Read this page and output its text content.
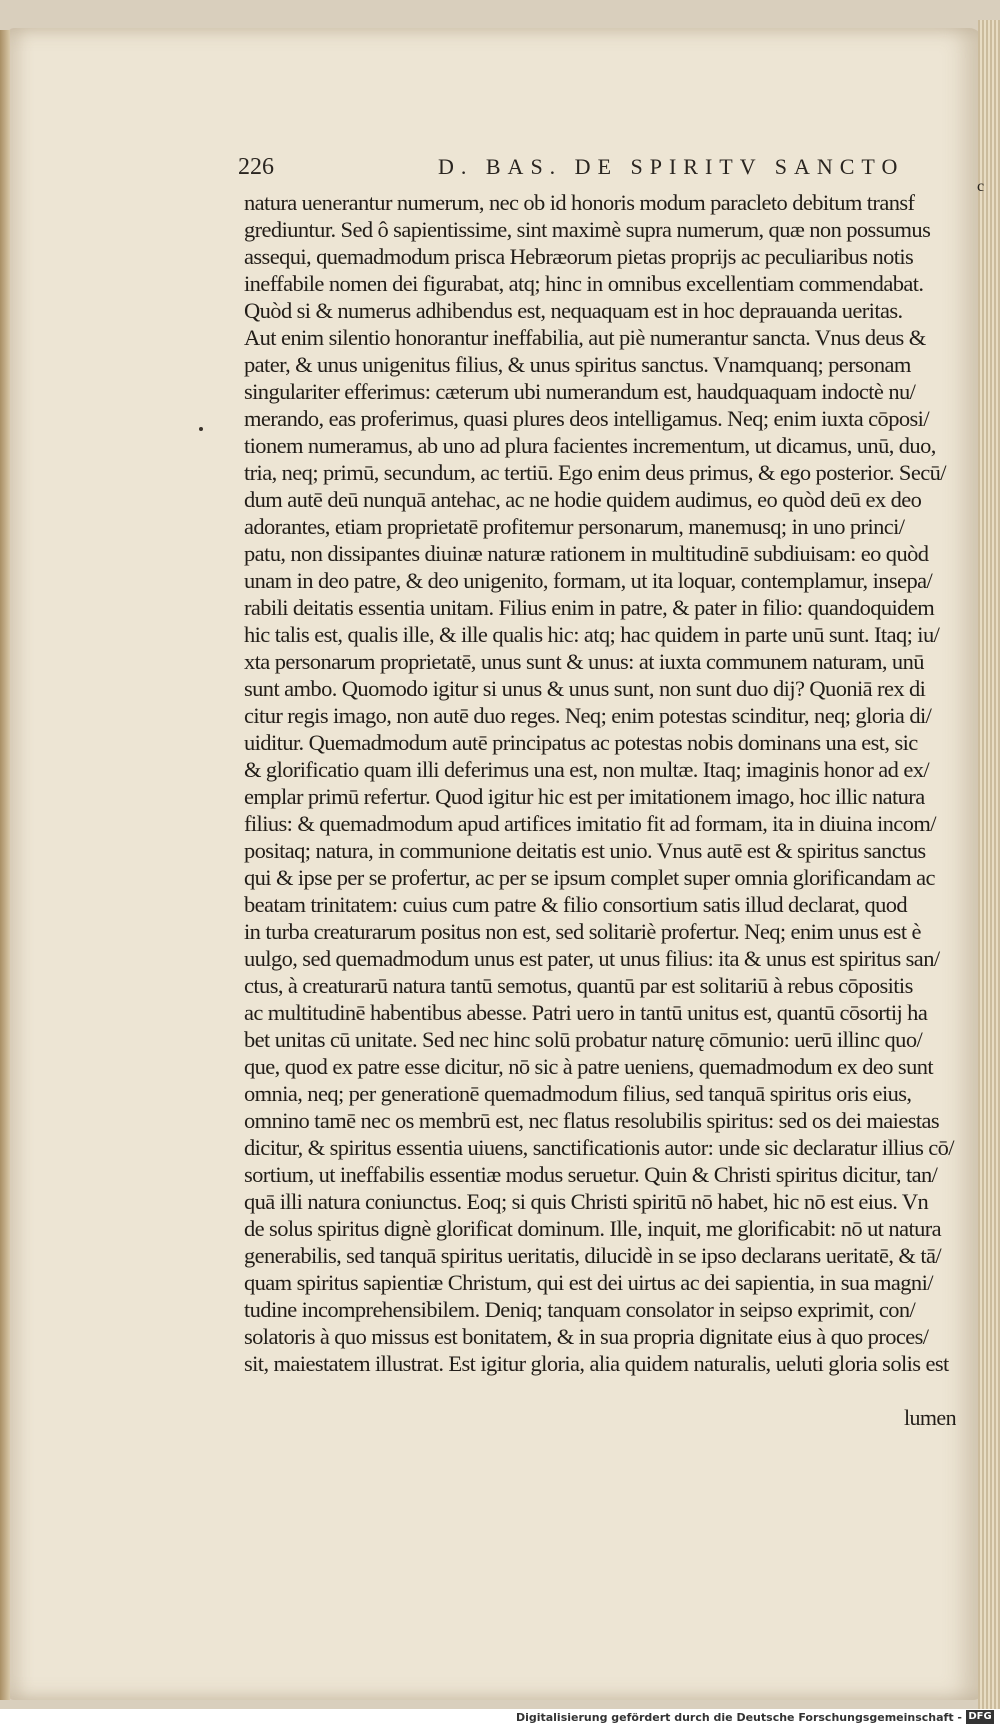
226	D. BAS. DE SPIRITV SANCTO
c
natura uenerantur numerum, nec ob id honoris modum paracleto debitum transf
grediuntur. Sed ô sapientissime, sint maximè supra numerum, quæ non possumus
assequi, quemadmodum prisca Hebræorum pietas proprijs ac peculiaribus notis
ineffabile nomen dei figurabat, atq; hinc in omnibus excellentiam commendabat.
Quòd si & numerus adhibendus est, nequaquam est in hoc deprauanda ueritas.
Aut enim silentio honorantur ineffabilia, aut piè numerantur sancta. Vnus deus &
pater, & unus unigenitus filius, & unus spiritus sanctus. Vnamquanq; personam
singulariter efferimus: cæterum ubi numerandum est, haudquaquam indoctè nu/
merando, eas proferimus, quasi plures deos intelligamus. Neq; enim iuxta cōposi/
tionem numeramus, ab uno ad plura facientes incrementum, ut dicamus, unū, duo,
tria, neq; primū, secundum, ac tertiū. Ego enim deus primus, & ego posterior. Secū/
dum autē deū nunquā antehac, ac ne hodie quidem audimus, eo quòd deū ex deo
adorantes, etiam proprietatē profitemur personarum, manemusq; in uno princi/
patu, non dissipantes diuinæ naturæ rationem in multitudinē subdiuisam: eo quòd
unam in deo patre, & deo unigenito, formam, ut ita loquar, contemplamur, insepa/
rabili deitatis essentia unitam. Filius enim in patre, & pater in filio: quandoquidem
hic talis est, qualis ille, & ille qualis hic: atq; hac quidem in parte unū sunt. Itaq; iu/
xta personarum proprietatē, unus sunt & unus: at iuxta communem naturam, unū
sunt ambo. Quomodo igitur si unus & unus sunt, non sunt duo dij? Quoniā rex di
citur regis imago, non autē duo reges. Neq; enim potestas scinditur, neq; gloria di/
uiditur. Quemadmodum autē principatus ac potestas nobis dominans una est, sic
& glorificatio quam illi deferimus una est, non multæ. Itaq; imaginis honor ad ex/
emplar primū refertur. Quod igitur hic est per imitationem imago, hoc illic natura
filius: & quemadmodum apud artifices imitatio fit ad formam, ita in diuina incom/
positaq; natura, in communione deitatis est unio. Vnus autē est & spiritus sanctus
qui & ipse per se profertur, ac per se ipsum complet super omnia glorificandam ac
beatam trinitatem: cuius cum patre & filio consortium satis illud declarat, quod
in turba creaturarum positus non est, sed solitariè profertur. Neq; enim unus est è
uulgo, sed quemadmodum unus est pater, ut unus filius: ita & unus est spiritus san/
ctus, à creaturarū natura tantū semotus, quantū par est solitariū à rebus cōpositis
ac multitudinē habentibus abesse. Patri uero in tantū unitus est, quantū cōsortij ha
bet unitas cū unitate. Sed nec hinc solū probatur naturę cōmunio: uerū illinc quo/
que, quod ex patre esse dicitur, nō sic à patre ueniens, quemadmodum ex deo sunt
omnia, neq; per generationē quemadmodum filius, sed tanquā spiritus oris eius,
omnino tamē nec os membrū est, nec flatus resolubilis spiritus: sed os dei maiestas
dicitur, & spiritus essentia uiuens, sanctificationis autor: unde sic declaratur illius cō/
sortium, ut ineffabilis essentiæ modus seruetur. Quin & Christi spiritus dicitur, tan/
quā illi natura coniunctus. Eoq; si quis Christi spiritū nō habet, hic nō est eius. Vn
de solus spiritus dignè glorificat dominum. Ille, inquit, me glorificabit: nō ut natura
generabilis, sed tanquā spiritus ueritatis, dilucidè in se ipso declarans ueritatē, & tā/
quam spiritus sapientiæ Christum, qui est dei uirtus ac dei sapientia, in sua magni/
tudine incomprehensibilem. Deniq; tanquam consolator in seipso exprimit, con/
solatoris à quo missus est bonitatem, & in sua propria dignitate eius à quo proces/
sit, maiestatem illustrat. Est igitur gloria, alia quidem naturalis, ueluti gloria solis est
lumen
Digitalisierung gefördert durch die Deutsche Forschungsgemeinschaft - DFG
